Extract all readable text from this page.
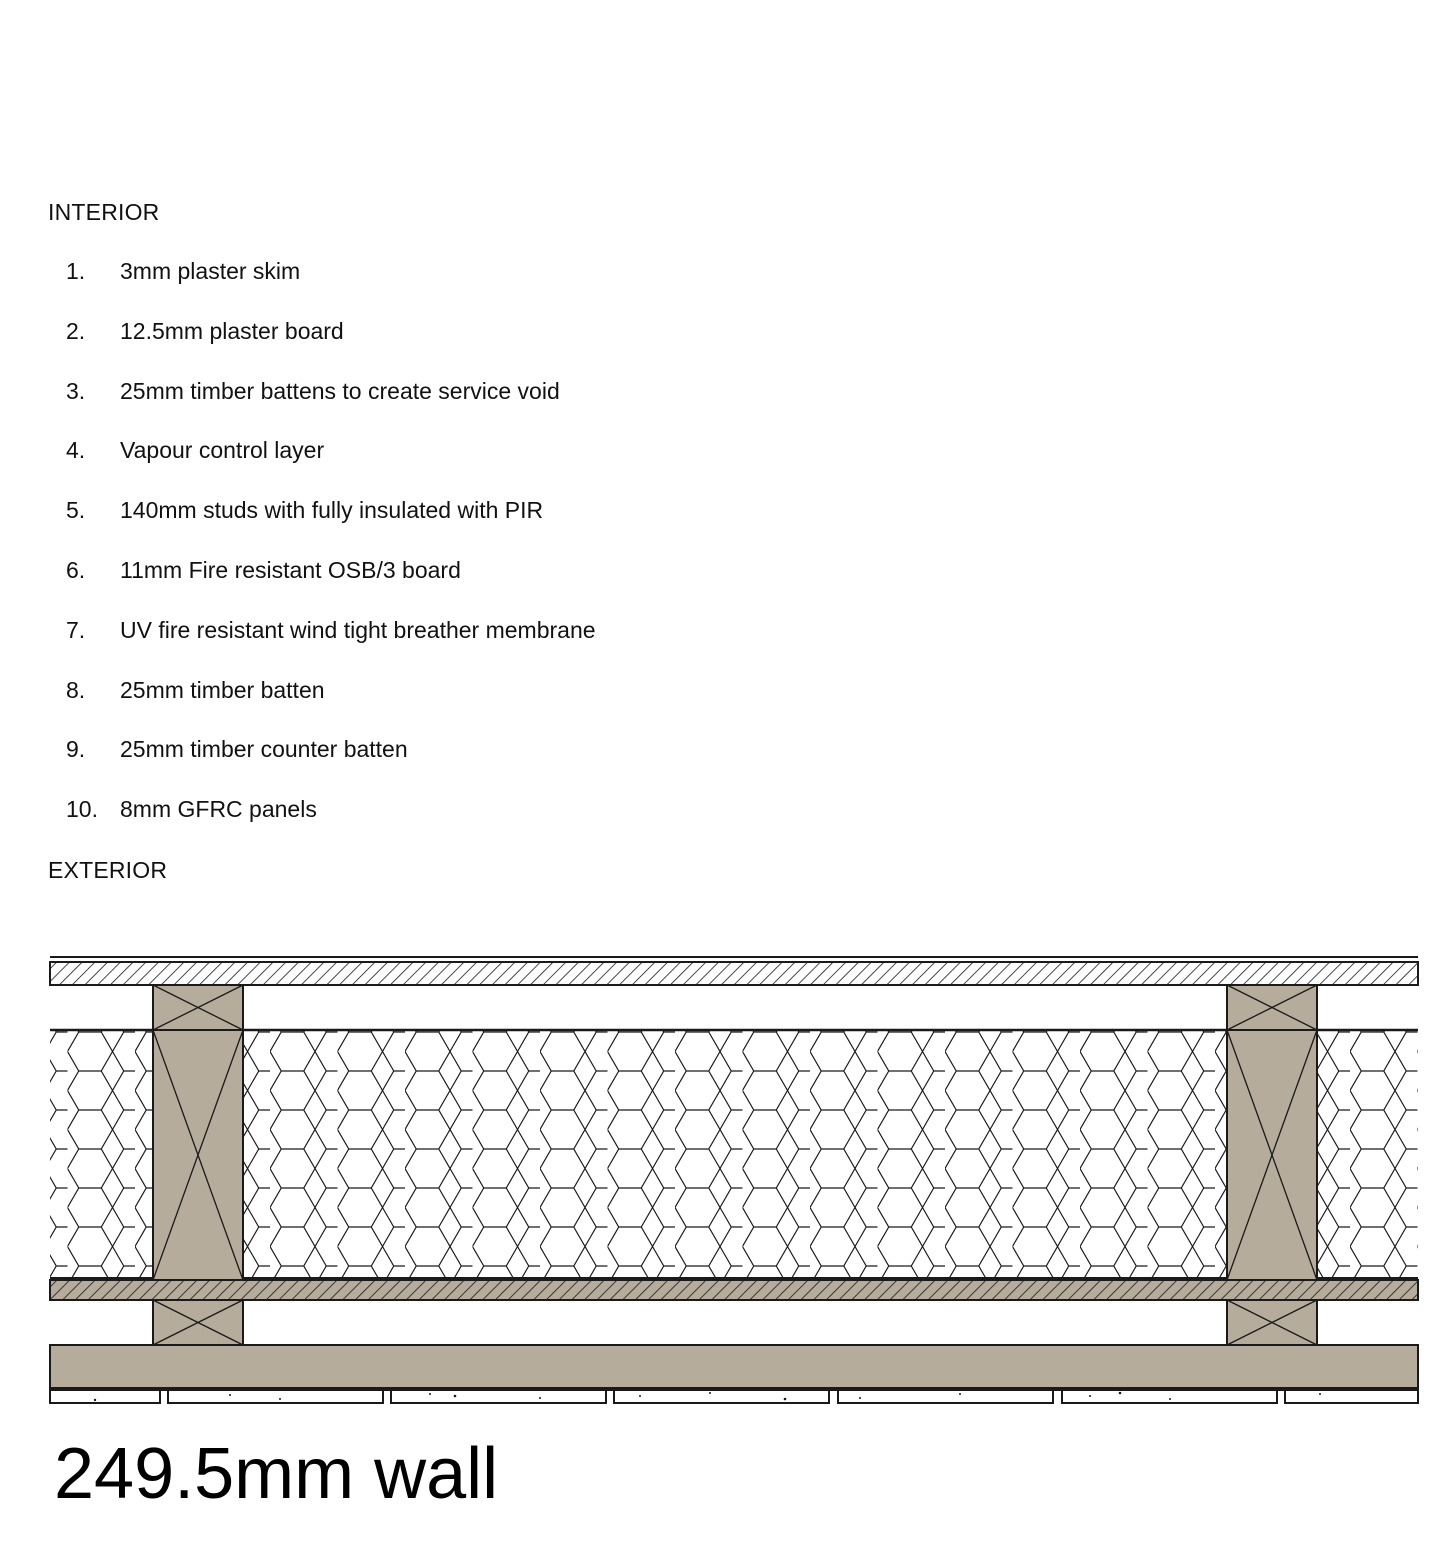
INTERIOR
1.	3mm plaster skim
2.	12.5mm plaster board
3.	25mm timber battens to create service void
4.	Vapour control layer
5.	140mm studs with fully insulated with PIR
6.	11mm Fire resistant OSB/3 board
7.	UV fire resistant wind tight breather membrane
8.	25mm timber batten
9.	25mm timber counter batten
10. 8mm GFRC panels
EXTERIOR
249.5mm wall
